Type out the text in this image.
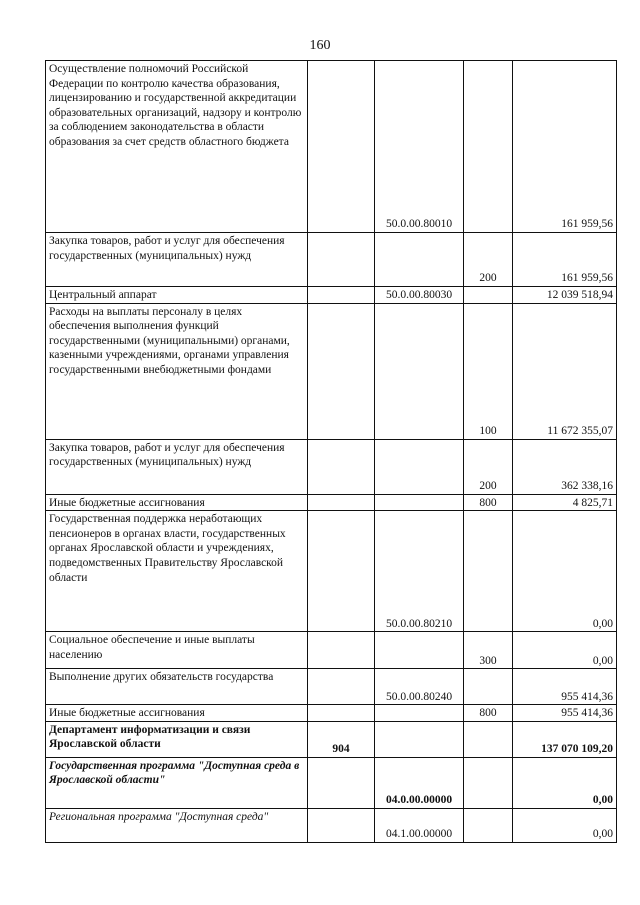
160
Осуществление полномочий Российской Федерации по контролю качества образования, лицензированию и государственной аккредитации образовательных организаций, надзору и контролю за соблюдением законодательства в области образования за счет средств областного бюджета		50.0.00.80010		161 959,56
Закупка товаров, работ и услуг для обеспечения государственных (муниципальных) нужд			200	161 959,56
Центральный аппарат		50.0.00.80030		12 039 518,94
Расходы на выплаты персоналу в целях обеспечения выполнения функций государственными (муниципальными) органами, казенными учреждениями, органами управления государственными внебюджетными фондами			100	11 672 355,07
Закупка товаров, работ и услуг для обеспечения государственных (муниципальных) нужд			200	362 338,16
Иные бюджетные ассигнования			800	4 825,71
Государственная поддержка неработающих пенсионеров в органах власти, государственных органах Ярославской области и учреждениях, подведомственных Правительству Ярославской области		50.0.00.80210		0,00
Социальное обеспечение и иные выплаты населению			300	0,00
Выполнение других обязательств государства		50.0.00.80240		955 414,36
Иные бюджетные ассигнования			800	955 414,36
Департамент информатизации и связи Ярославской области	904			137 070 109,20
Государственная программа "Доступная среда в Ярославской области"		04.0.00.00000		0,00
Региональная программа "Доступная среда"		04.1.00.00000		0,00
